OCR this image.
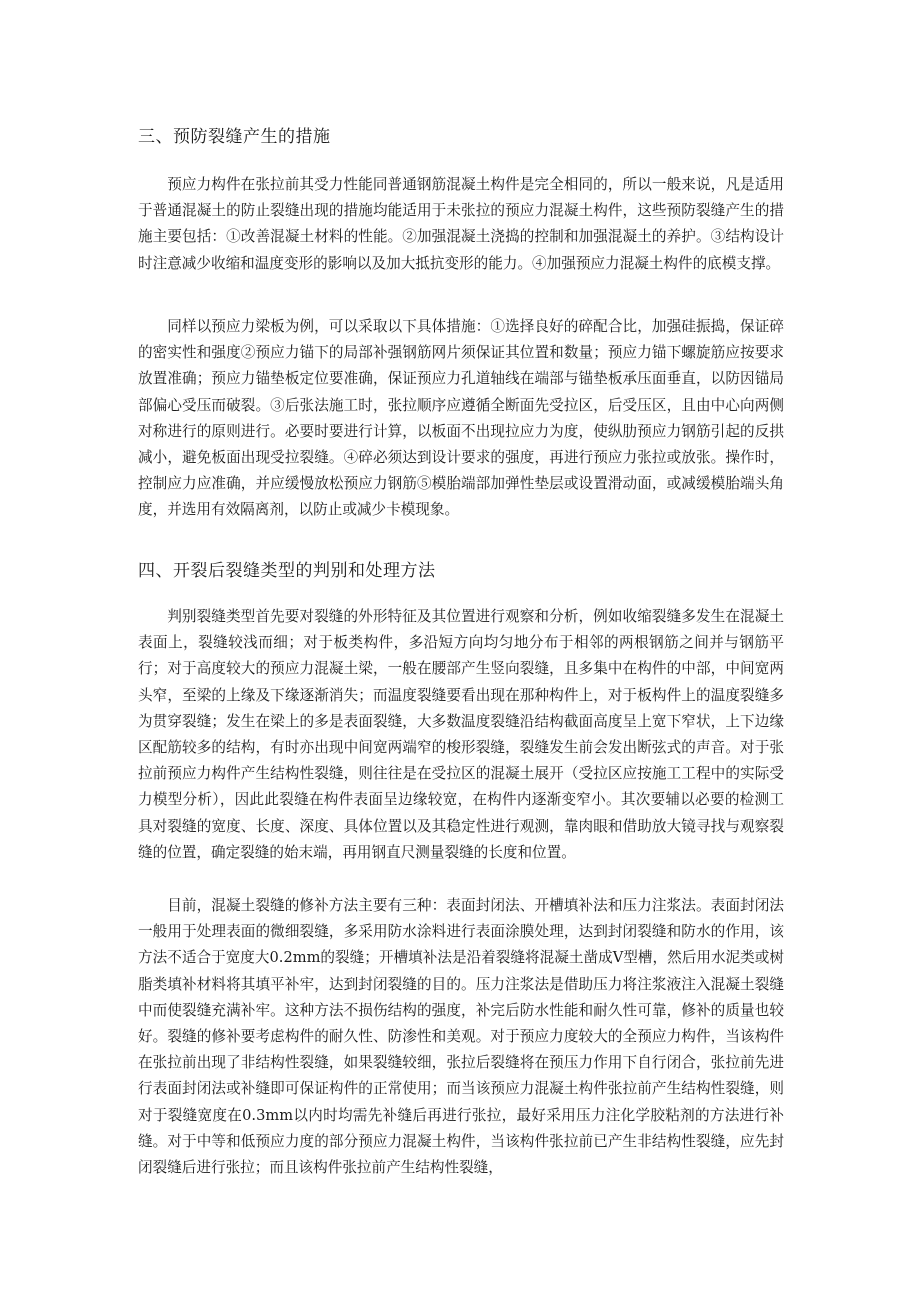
三、预防裂缝产生的措施

预应力构件在张拉前其受力性能同普通钢筋混凝土构件是完全相同的，所以一般来说，凡是适用于普通混凝土的防止裂缝出现的措施均能适用于未张拉的预应力混凝土构件，这些预防裂缝产生的措施主要包括：①改善混凝土材料的性能。②加强混凝土浇捣的控制和加强混凝土的养护。③结构设计时注意减少收缩和温度变形的影响以及加大抵抗变形的能力。④加强预应力混凝土构件的底模支撑。

同样以预应力梁板为例，可以采取以下具体措施：①选择良好的碎配合比，加强硅振捣，保证碎的密实性和强度②预应力锚下的局部补强钢筋网片须保证其位置和数量；预应力锚下螺旋筋应按要求放置准确；预应力锚垫板定位要准确，保证预应力孔道轴线在端部与锚垫板承压面垂直，以防因锚局部偏心受压而破裂。③后张法施工时，张拉顺序应遵循全断面先受拉区，后受压区，且由中心向两侧对称进行的原则进行。必要时要进行计算，以板面不出现拉应力为度，使纵肋预应力钢筋引起的反拱减小，避免板面出现受拉裂缝。④碎必须达到设计要求的强度，再进行预应力张拉或放张。操作时，控制应力应准确，并应缓慢放松预应力钢筋⑤模胎端部加弹性垫层或设置滑动面，或减缓模胎端头角度，并选用有效隔离剂，以防止或减少卡模现象。

四、开裂后裂缝类型的判别和处理方法

判别裂缝类型首先要对裂缝的外形特征及其位置进行观察和分析，例如收缩裂缝多发生在混凝土表面上，裂缝较浅而细；对于板类构件，多沿短方向均匀地分布于相邻的两根钢筋之间并与钢筋平行；对于高度较大的预应力混凝土梁，一般在腰部产生竖向裂缝，且多集中在构件的中部，中间宽两头窄，至梁的上缘及下缘逐渐消失；而温度裂缝要看出现在那种构件上，对于板构件上的温度裂缝多为贯穿裂缝；发生在梁上的多是表面裂缝，大多数温度裂缝沿结构截面高度呈上宽下窄状，上下边缘区配筋较多的结构，有时亦出现中间宽两端窄的梭形裂缝，裂缝发生前会发出断弦式的声音。对于张拉前预应力构件产生结构性裂缝，则往往是在受拉区的混凝土展开（受拉区应按施工工程中的实际受力模型分析），因此此裂缝在构件表面呈边缘较宽，在构件内逐渐变窄小。其次要辅以必要的检测工具对裂缝的宽度、长度、深度、具体位置以及其稳定性进行观测，靠肉眼和借助放大镜寻找与观察裂缝的位置，确定裂缝的始末端，再用钢直尺测量裂缝的长度和位置。

目前，混凝土裂缝的修补方法主要有三种：表面封闭法、开槽填补法和压力注浆法。表面封闭法一般用于处理表面的微细裂缝，多采用防水涂料进行表面涂膜处理，达到封闭裂缝和防水的作用，该方法不适合于宽度大0.2mm的裂缝；开槽填补法是沿着裂缝将混凝土凿成V型槽，然后用水泥类或树脂类填补材料将其填平补牢，达到封闭裂缝的目的。压力注浆法是借助压力将注浆液注入混凝土裂缝中而使裂缝充满补牢。这种方法不损伤结构的强度，补完后防水性能和耐久性可靠，修补的质量也较好。裂缝的修补要考虑构件的耐久性、防渗性和美观。对于预应力度较大的全预应力构件，当该构件在张拉前出现了非结构性裂缝，如果裂缝较细，张拉后裂缝将在预压力作用下自行闭合，张拉前先进行表面封闭法或补缝即可保证构件的正常使用；而当该预应力混凝土构件张拉前产生结构性裂缝，则对于裂缝宽度在0.3mm以内时均需先补缝后再进行张拉，最好采用压力注化学胶粘剂的方法进行补缝。对于中等和低预应力度的部分预应力混凝土构件，当该构件张拉前已产生非结构性裂缝，应先封闭裂缝后进行张拉；而且该构件张拉前产生结构性裂缝，
